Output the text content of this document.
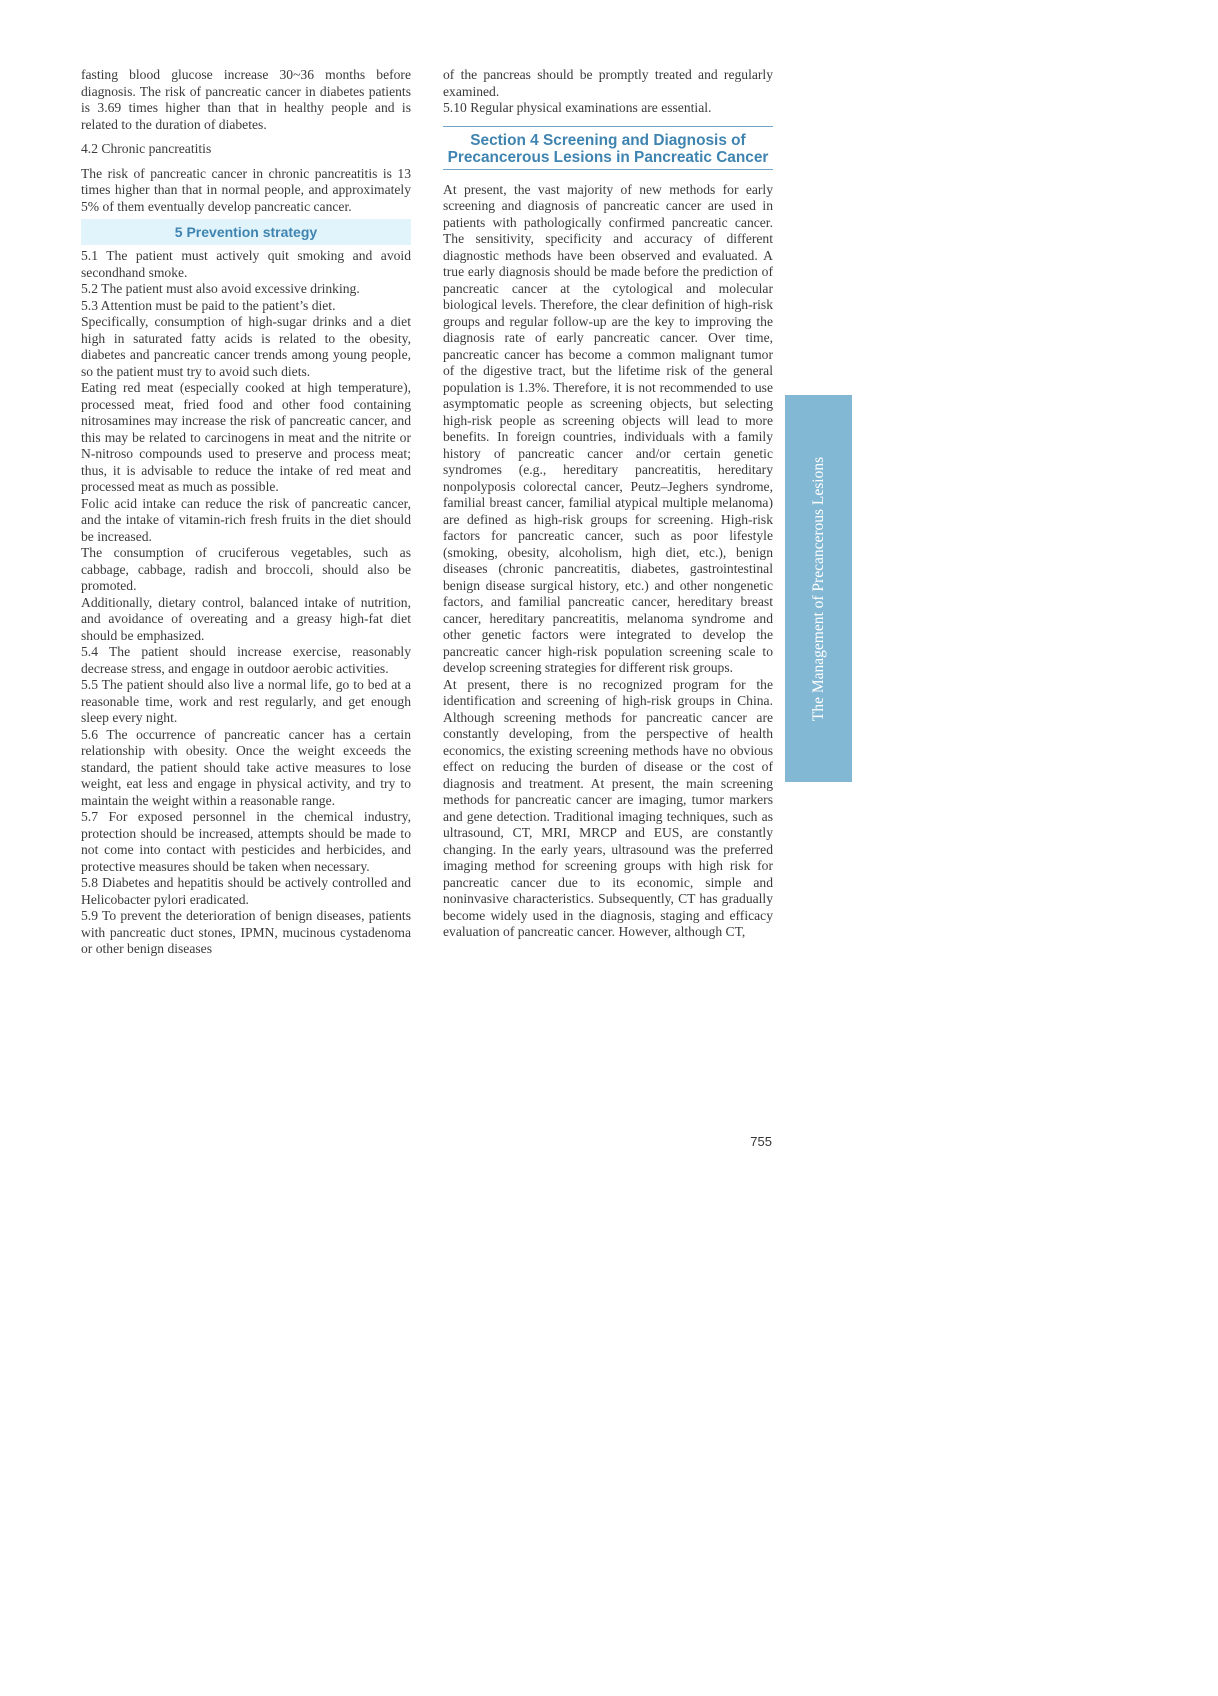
fasting blood glucose increase 30~36 months before diagnosis. The risk of pancreatic cancer in diabetes patients is 3.69 times higher than that in healthy people and is related to the duration of diabetes.

4.2 Chronic pancreatitis

The risk of pancreatic cancer in chronic pancreatitis is 13 times higher than that in normal people, and approximately 5% of them eventually develop pancreatic cancer.

5 Prevention strategy

5.1 The patient must actively quit smoking and avoid secondhand smoke.

5.2 The patient must also avoid excessive drinking.

5.3 Attention must be paid to the patient’s diet.

Specifically, consumption of high-sugar drinks and a diet high in saturated fatty acids is related to the obesity, diabetes and pancreatic cancer trends among young people, so the patient must try to avoid such diets.

Eating red meat (especially cooked at high temperature), processed meat, fried food and other food containing nitrosamines may increase the risk of pancreatic cancer, and this may be related to carcinogens in meat and the nitrite or N-nitroso compounds used to preserve and process meat; thus, it is advisable to reduce the intake of red meat and processed meat as much as possible.

Folic acid intake can reduce the risk of pancreatic cancer, and the intake of vitamin-rich fresh fruits in the diet should be increased.

The consumption of cruciferous vegetables, such as cabbage, cabbage, radish and broccoli, should also be promoted.

Additionally, dietary control, balanced intake of nutrition, and avoidance of overeating and a greasy high-fat diet should be emphasized.

5.4 The patient should increase exercise, reasonably decrease stress, and engage in outdoor aerobic activities.

5.5 The patient should also live a normal life, go to bed at a reasonable time, work and rest regularly, and get enough sleep every night.

5.6 The occurrence of pancreatic cancer has a certain relationship with obesity. Once the weight exceeds the standard, the patient should take active measures to lose weight, eat less and engage in physical activity, and try to maintain the weight within a reasonable range.

5.7 For exposed personnel in the chemical industry, protection should be increased, attempts should be made to not come into contact with pesticides and herbicides, and protective measures should be taken when necessary.

5.8 Diabetes and hepatitis should be actively controlled and Helicobacter pylori eradicated.

5.9 To prevent the deterioration of benign diseases, patients with pancreatic duct stones, IPMN, mucinous cystadenoma or other benign diseases

of the pancreas should be promptly treated and regularly examined.

5.10 Regular physical examinations are essential.

Section 4 Screening and Diagnosis of Precancerous Lesions in Pancreatic Cancer

At present, the vast majority of new methods for early screening and diagnosis of pancreatic cancer are used in patients with pathologically confirmed pancreatic cancer. The sensitivity, specificity and accuracy of different diagnostic methods have been observed and evaluated. A true early diagnosis should be made before the prediction of pancreatic cancer at the cytological and molecular biological levels. Therefore, the clear definition of high-risk groups and regular follow-up are the key to improving the diagnosis rate of early pancreatic cancer. Over time, pancreatic cancer has become a common malignant tumor of the digestive tract, but the lifetime risk of the general population is 1.3%. Therefore, it is not recommended to use asymptomatic people as screening objects, but selecting high-risk people as screening objects will lead to more benefits. In foreign countries, individuals with a family history of pancreatic cancer and/or certain genetic syndromes (e.g., hereditary pancreatitis, hereditary nonpolyposis colorectal cancer, Peutz–Jeghers syndrome, familial breast cancer, familial atypical multiple melanoma) are defined as high-risk groups for screening. High-risk factors for pancreatic cancer, such as poor lifestyle (smoking, obesity, alcoholism, high diet, etc.), benign diseases (chronic pancreatitis, diabetes, gastrointestinal benign disease surgical history, etc.) and other nongenetic factors, and familial pancreatic cancer, hereditary breast cancer, hereditary pancreatitis, melanoma syndrome and other genetic factors were integrated to develop the pancreatic cancer high-risk population screening scale to develop screening strategies for different risk groups.

At present, there is no recognized program for the identification and screening of high-risk groups in China. Although screening methods for pancreatic cancer are constantly developing, from the perspective of health economics, the existing screening methods have no obvious effect on reducing the burden of disease or the cost of diagnosis and treatment. At present, the main screening methods for pancreatic cancer are imaging, tumor markers and gene detection. Traditional imaging techniques, such as ultrasound, CT, MRI, MRCP and EUS, are constantly changing. In the early years, ultrasound was the preferred imaging method for screening groups with high risk for pancreatic cancer due to its economic, simple and noninvasive characteristics. Subsequently, CT has gradually become widely used in the diagnosis, staging and efficacy evaluation of pancreatic cancer. However, although CT,

The Management of Precancerous Lesions
755
